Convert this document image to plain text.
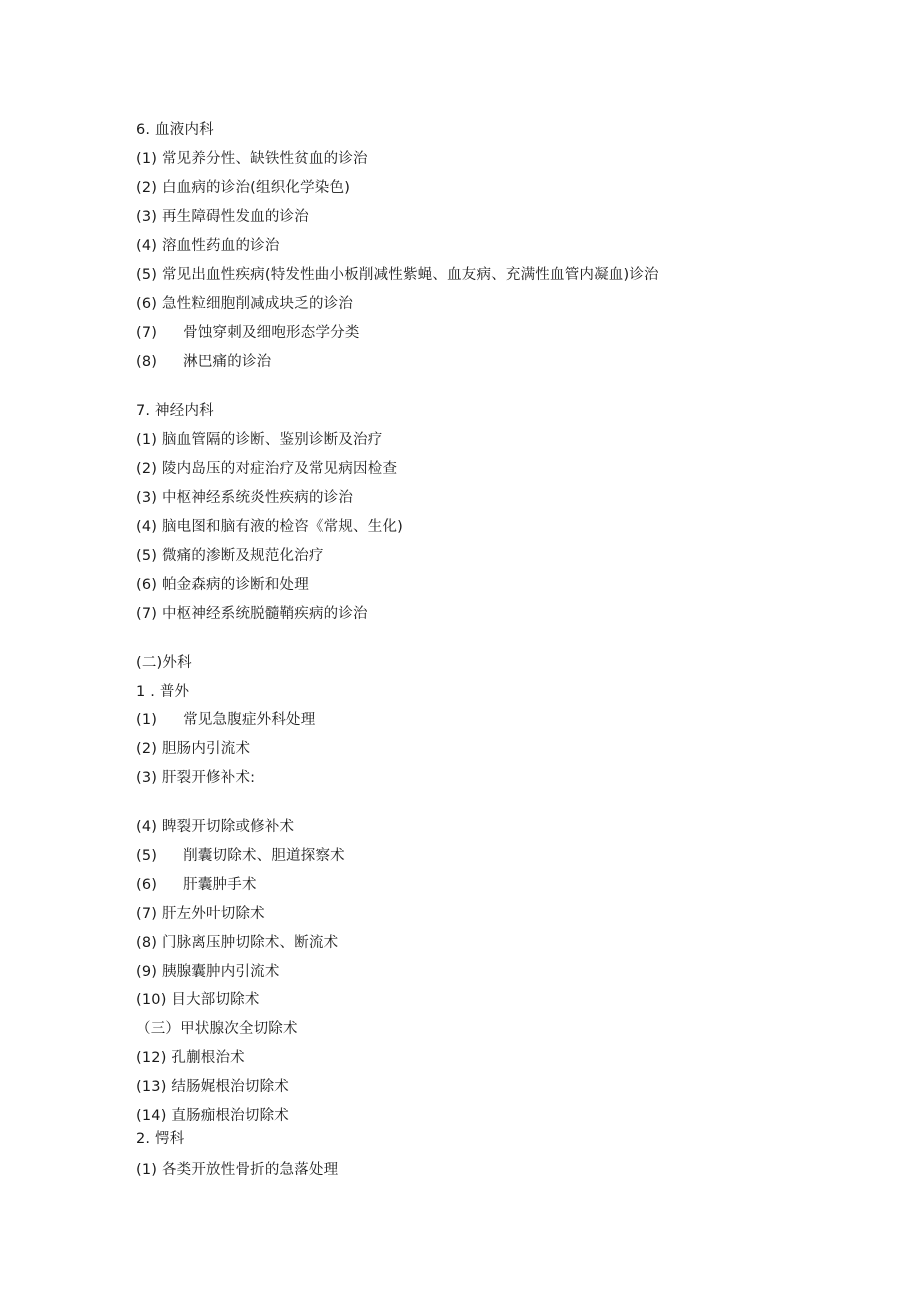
6. 血液内科
(1) 常见养分性、缺铁性贫血的诊治
(2) 白血病的诊治(组织化学染色)
(3) 再生障碍性发血的诊治
(4) 溶血性药血的诊治
(5) 常见出血性疾病(特发性曲小板削减性紫蝇、血友病、充满性血管内凝血)诊治
(6) 急性粒细胞削减成块乏的诊治
(7) 骨蚀穿刺及细咆形态学分类
(8) 淋巴痛的诊治
7. 神经内科
(1) 脑血管隔的诊断、鉴别诊断及治疗
(2) 陵内岛压的对症治疗及常见病因检查
(3) 中枢神经系统炎性疾病的诊治
(4) 脑电图和脑有液的检咨《常规、生化)
(5) 微痛的渗断及规范化治疗
(6) 帕金森病的诊断和处理
(7) 中枢神经系统脱髓鞘疾病的诊治
(二)外科
1 . 普外
(1) 常见急腹症外科处理
(2) 胆肠内引流术
(3) 肝裂开修补术:
(4) 睥裂开切除或修补术
(5) 削囊切除术、胆道探察术
(6) 肝囊肿手术
(7) 肝左外叶切除术
(8) 门脉离压肿切除术、断流术
(9) 胰腺囊肿内引流术
(10) 目大部切除术
（三）甲状腺次全切除术
(12) 孔蒯根治术
(13) 结肠娓根治切除术
(14) 直肠痂根治切除术
2. 愕科
(1) 各类开放性骨折的急落处理
